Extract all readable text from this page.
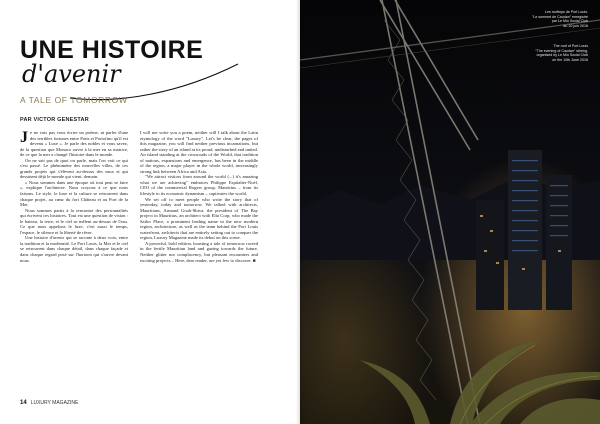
UNE HISTOIRE
d'avenir
A TALE OF TOMORROW
PAR VICTOR GENESTAR

Je ne vais pas vous écrire un poème, ni parler d'une des terribles fortunes entre Paris et Portofino qu'il est devenu « Luxe ». Je parle des nobles et vous savez, de la question que Monaco ouvre à la mer en sa matrice, de ce que la mer a changé l'histoire dans le monde.

On ne sait pas de quoi on parle, mais l'on voit ce qui s'est passé. Le phénomène des nouvelles villes, de ces grands projets qui s'élèvent au-dessus des eaux et qui dessinent déjà le monde qui vient, demain.

« Nous sommes dans une époque où tout peut se faire », explique l'architecte. Nous croyons à ce que nous faisons. Le style, le luxe et la culture se retrouvent dans chaque projet, au cœur du fort Château et au Port de la Mer.

Nous sommes partis à la rencontre des personnalités qui écrivent ces histoires. Tout est une question de vision : le bateau, la terre, et le ciel se mêlent au-dessus de l'eau. Ce que nous appelons le luxe, c'est aussi le temps, l'espace, le silence et la liberté de rêver.

Une histoire d'avenir qui se raconte à deux voix, entre la tradition et la modernité. Le Port Louis, la Mer et le ciel se retrouvent dans chaque détail, dans chaque façade et dans chaque regard posé sur l'horizon qui s'ouvre devant nous.

I will not write you a poem, neither will I talk about the Latin etymology of the word "Luxury". Let's be clear, the pages of this magazine, you will find neither previous incarnations, but rather the story of an island at its proud, undisturbed and united. An island standing at the crossroads of the World, that tradition of nations, expansions and emergence, has been in the middle of the region, a major player in the whole world, increasingly strong link between Africa and Asia.

"We attract visitors from around the world (...) it's amazing what we are achieving" embraces Philippe Espitalier-Noël, CEO of the commercial Rogers group, Mauritius – from its lifestyle to its economic dynamism – captivates the world.

We set off to meet people who write the story that of yesterday, today and tomorrow. We talked with architects, Mauritians, Armand Gooh-Shiva, the president of The Bay project in Mauritius, an architect with Elia Corp, who made the Sailor Place, a prominent leading name in the new modern region, architecture, as well as the team behind the Port Louis waterfront, architects that are entirely setting out to conquer the region, Luxury Magazine made its debut on this scene.

A powerful, bold edition, boasting a tale of tomorrow rooted in the fertile Mauritian land and gazing towards the future. Neither glitter nor complacency, but pleasant encounters and exciting projects... Here, dear reader, are yet few to discover. ■

14 LUXURY MAGAZINE
Les rooftops de Port Louis.
"Le sommet de Caudan" enregistré
par Le Mio Social Club
au 10 juin 2016
The roof of Port Louis
"The evening of Caudan" stirring,
organised by Le Mio Social Club
on the 10th June 2016
